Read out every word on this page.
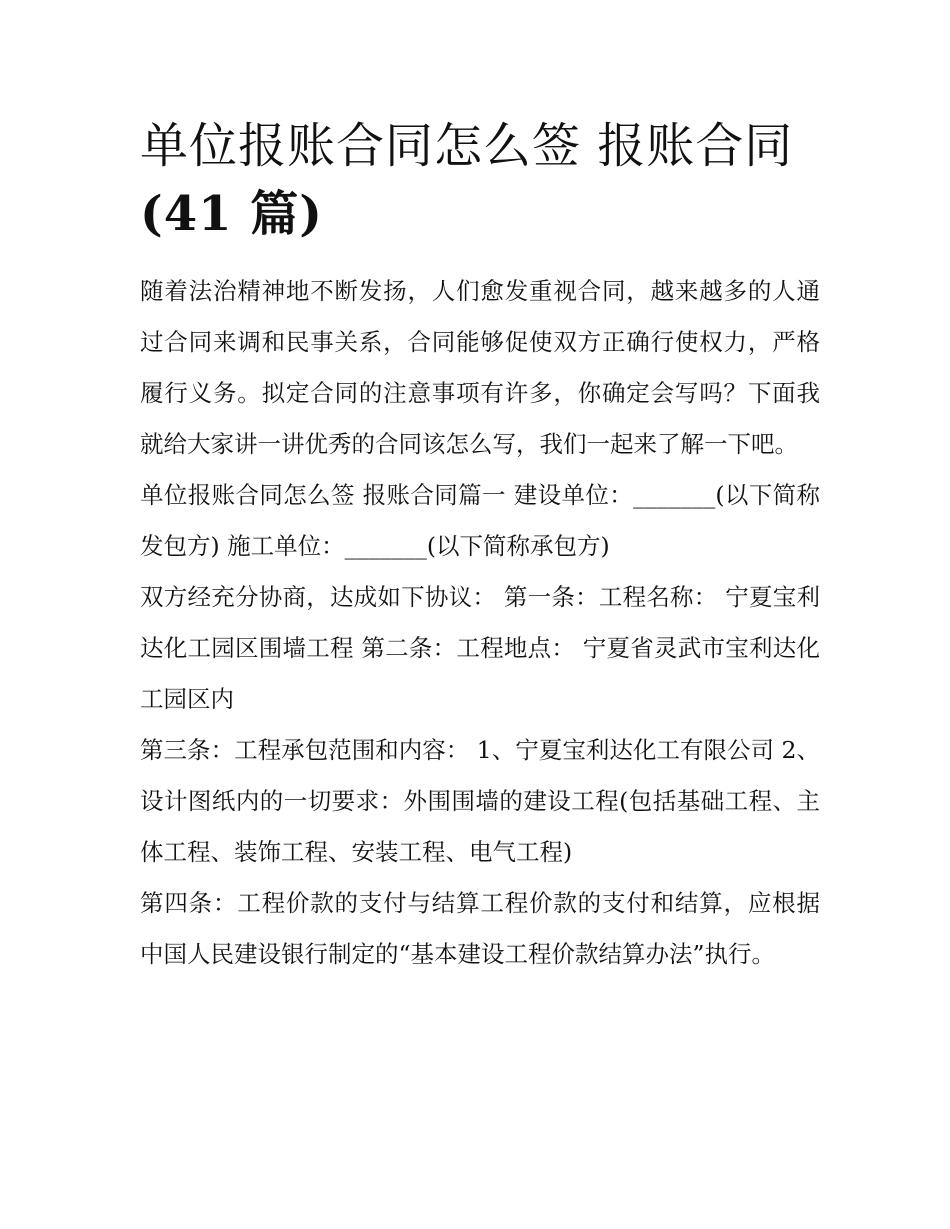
单位报账合同怎么签 报账合同
(41 篇)

随着法治精神地不断发扬，人们愈发重视合同，越来越多的人通过合同来调和民事关系，合同能够促使双方正确行使权力，严格履行义务。拟定合同的注意事项有许多，你确定会写吗？下面我就给大家讲一讲优秀的合同该怎么写，我们一起来了解一下吧。

单位报账合同怎么签 报账合同篇一 建设单位：_______(以下简称发包方) 施工单位：_______(以下简称承包方)

双方经充分协商，达成如下协议： 第一条：工程名称： 宁夏宝利达化工园区围墙工程 第二条：工程地点： 宁夏省灵武市宝利达化工园区内

第三条：工程承包范围和内容： 1、宁夏宝利达化工有限公司 2、设计图纸内的一切要求：外围围墙的建设工程(包括基础工程、主体工程、装饰工程、安装工程、电气工程)

第四条：工程价款的支付与结算工程价款的支付和结算，应根据中国人民建设银行制定的“基本建设工程价款结算办法”执行。
